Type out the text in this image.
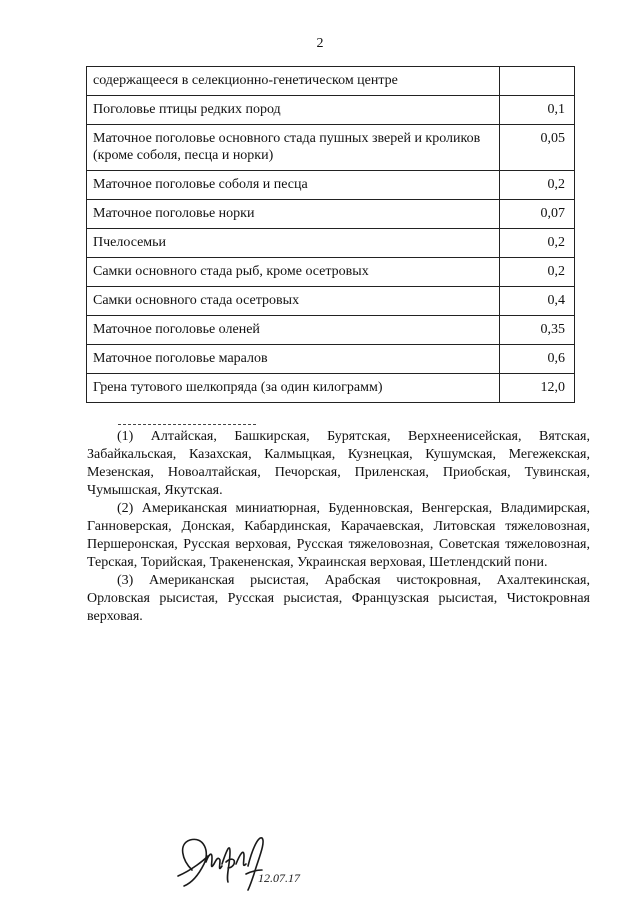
2
содержащееся в селекционно-генетическом центре	
Поголовье птицы редких пород	0,1
Маточное поголовье основного стада пушных зверей и кроликов (кроме соболя, песца и норки)	0,05
Маточное поголовье соболя и песца	0,2
Маточное поголовье норки	0,07
Пчелосемьи	0,2
Самки основного стада рыб, кроме осетровых	0,2
Самки основного стада осетровых	0,4
Маточное поголовье оленей	0,35
Маточное поголовье маралов	0,6
Грена тутового шелкопряда (за один килограмм)	12,0

(1) Алтайская, Башкирская, Бурятская, Верхнеенисейская, Вятская, Забайкальская, Казахская, Калмыцкая, Кузнецкая, Кушумская, Мегежекская, Мезенская, Новоалтайская, Печорская, Приленская, Приобская, Тувинская, Чумышская, Якутская.

(2) Американская миниатюрная, Буденновская, Венгерская, Владимирская, Ганноверская, Донская, Кабардинская, Карачаевская, Литовская тяжеловозная, Першеронская, Русская верховая, Русская тяжеловозная, Советская тяжеловозная, Терская, Торийская, Тракененская, Украинская верховая, Шетлендский пони.

(3) Американская рысистая, Арабская чистокровная, Ахалтекинская, Орловская рысистая, Русская рысистая, Французская рысистая, Чистокровная верховая.

12.07.17
